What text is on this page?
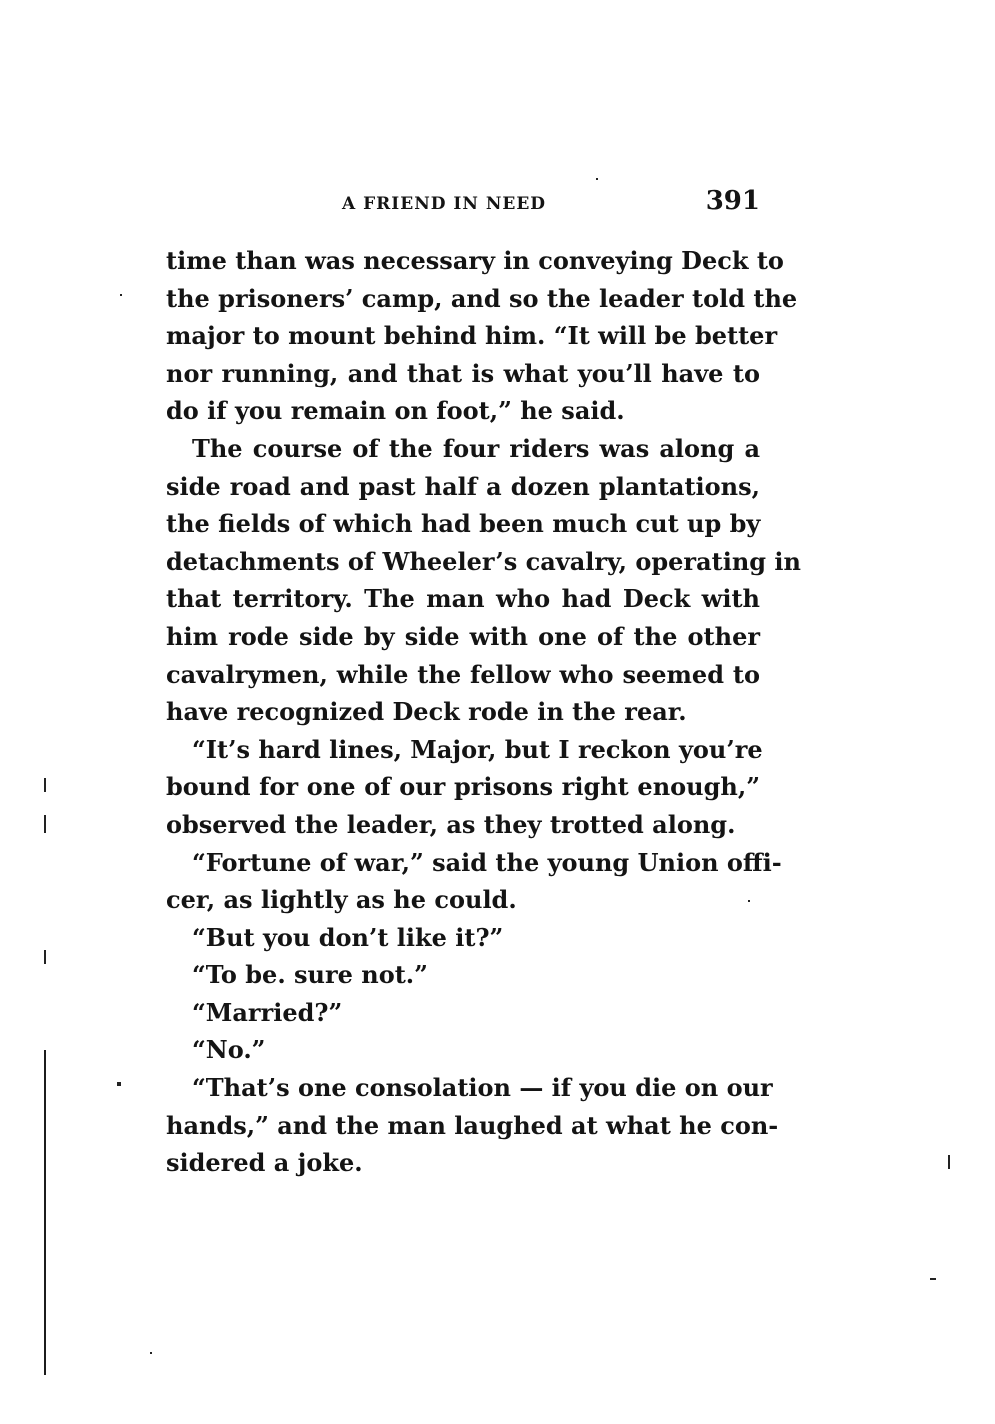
A FRIEND IN NEED	391
time than was necessary in conveying Deck to
the prisoners’ camp, and so the leader told the
major to mount behind him. “It will be better
nor running, and that is what you’ll have to
do if you remain on foot,” he said.
The course of the four riders was along a
side road and past half a dozen plantations,
the fields of which had been much cut up by
detachments of Wheeler’s cavalry, operating in
that territory. The man who had Deck with
him rode side by side with one of the other
cavalrymen, while the fellow who seemed to
have recognized Deck rode in the rear.
“It’s hard lines, Major, but I reckon you’re
bound for one of our prisons right enough,”
observed the leader, as they trotted along.
“Fortune of war,” said the young Union offi-
cer, as lightly as he could.
“But you don’t like it?”
“To be. sure not.”
“Married?”
“No.”
“That’s one consolation — if you die on our
hands,” and the man laughed at what he con-
sidered a joke.
